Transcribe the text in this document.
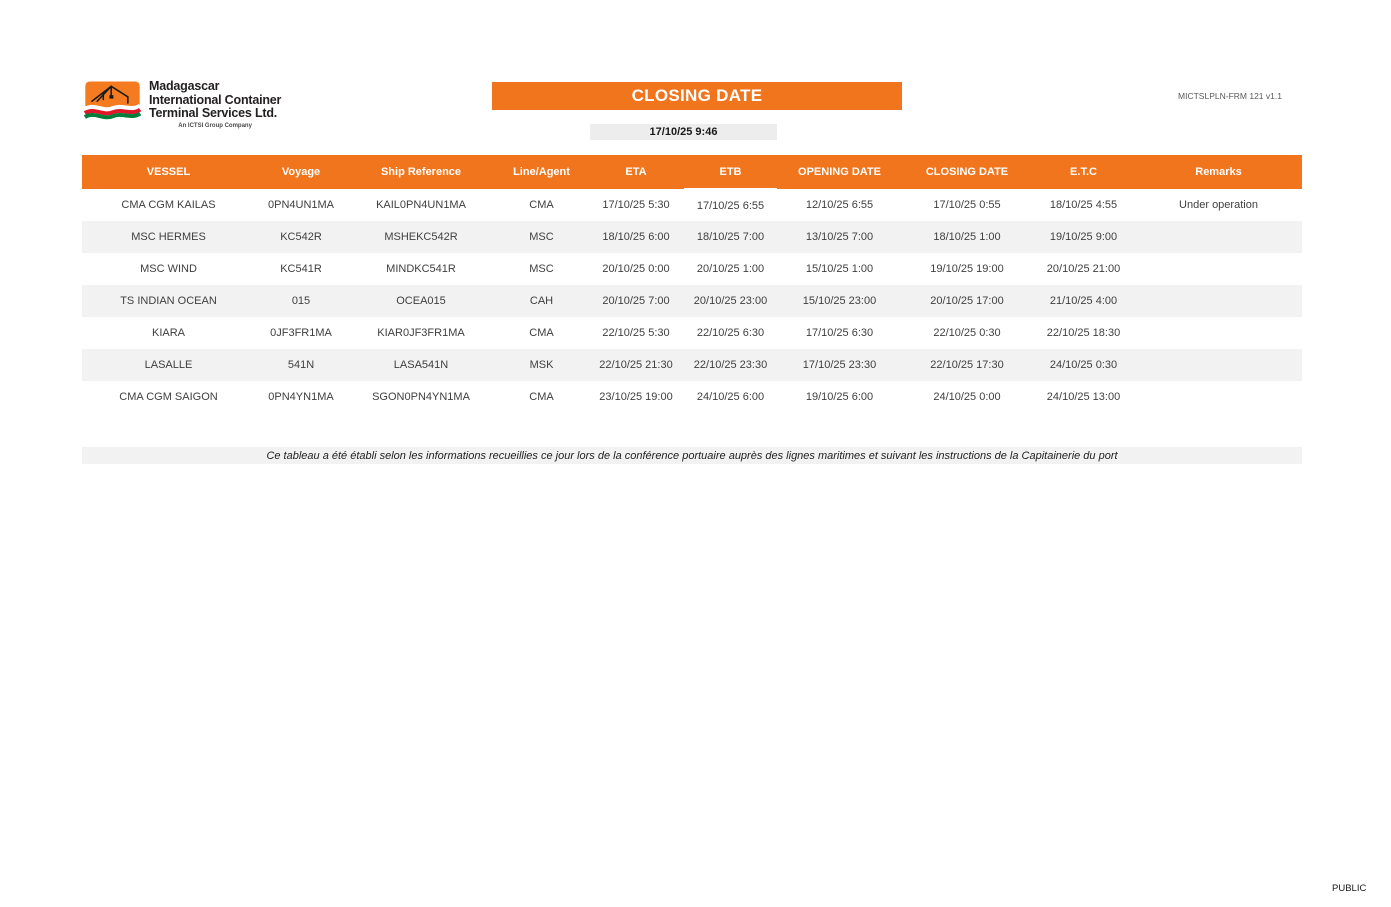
Madagascar
International Container
Terminal Services Ltd.
An ICTSI Group Company
CLOSING DATE
17/10/25 9:46
MICTSLPLN-FRM 121 v1.1
VESSEL	Voyage	Ship Reference	Line/Agent	ETA	ETB	OPENING DATE	CLOSING DATE	E.T.C	Remarks
CMA CGM KAILAS	0PN4UN1MA	KAIL0PN4UN1MA	CMA	17/10/25 5:30	17/10/25 6:55	12/10/25 6:55	17/10/25 0:55	18/10/25 4:55	Under operation
MSC HERMES	KC542R	MSHEKC542R	MSC	18/10/25 6:00	18/10/25 7:00	13/10/25 7:00	18/10/25 1:00	19/10/25 9:00	
MSC WIND	KC541R	MINDKC541R	MSC	20/10/25 0:00	20/10/25 1:00	15/10/25 1:00	19/10/25 19:00	20/10/25 21:00	
TS INDIAN OCEAN	015	OCEA015	CAH	20/10/25 7:00	20/10/25 23:00	15/10/25 23:00	20/10/25 17:00	21/10/25 4:00	
KIARA	0JF3FR1MA	KIAR0JF3FR1MA	CMA	22/10/25 5:30	22/10/25 6:30	17/10/25 6:30	22/10/25 0:30	22/10/25 18:30	
LASALLE	541N	LASA541N	MSK	22/10/25 21:30	22/10/25 23:30	17/10/25 23:30	22/10/25 17:30	24/10/25 0:30	
CMA CGM SAIGON	0PN4YN1MA	SGON0PN4YN1MA	CMA	23/10/25 19:00	24/10/25 6:00	19/10/25 6:00	24/10/25 0:00	24/10/25 13:00	
Ce tableau a été établi selon les informations recueillies ce jour lors de la conférence portuaire auprès des lignes maritimes et suivant les instructions de la Capitainerie du port
PUBLIC
